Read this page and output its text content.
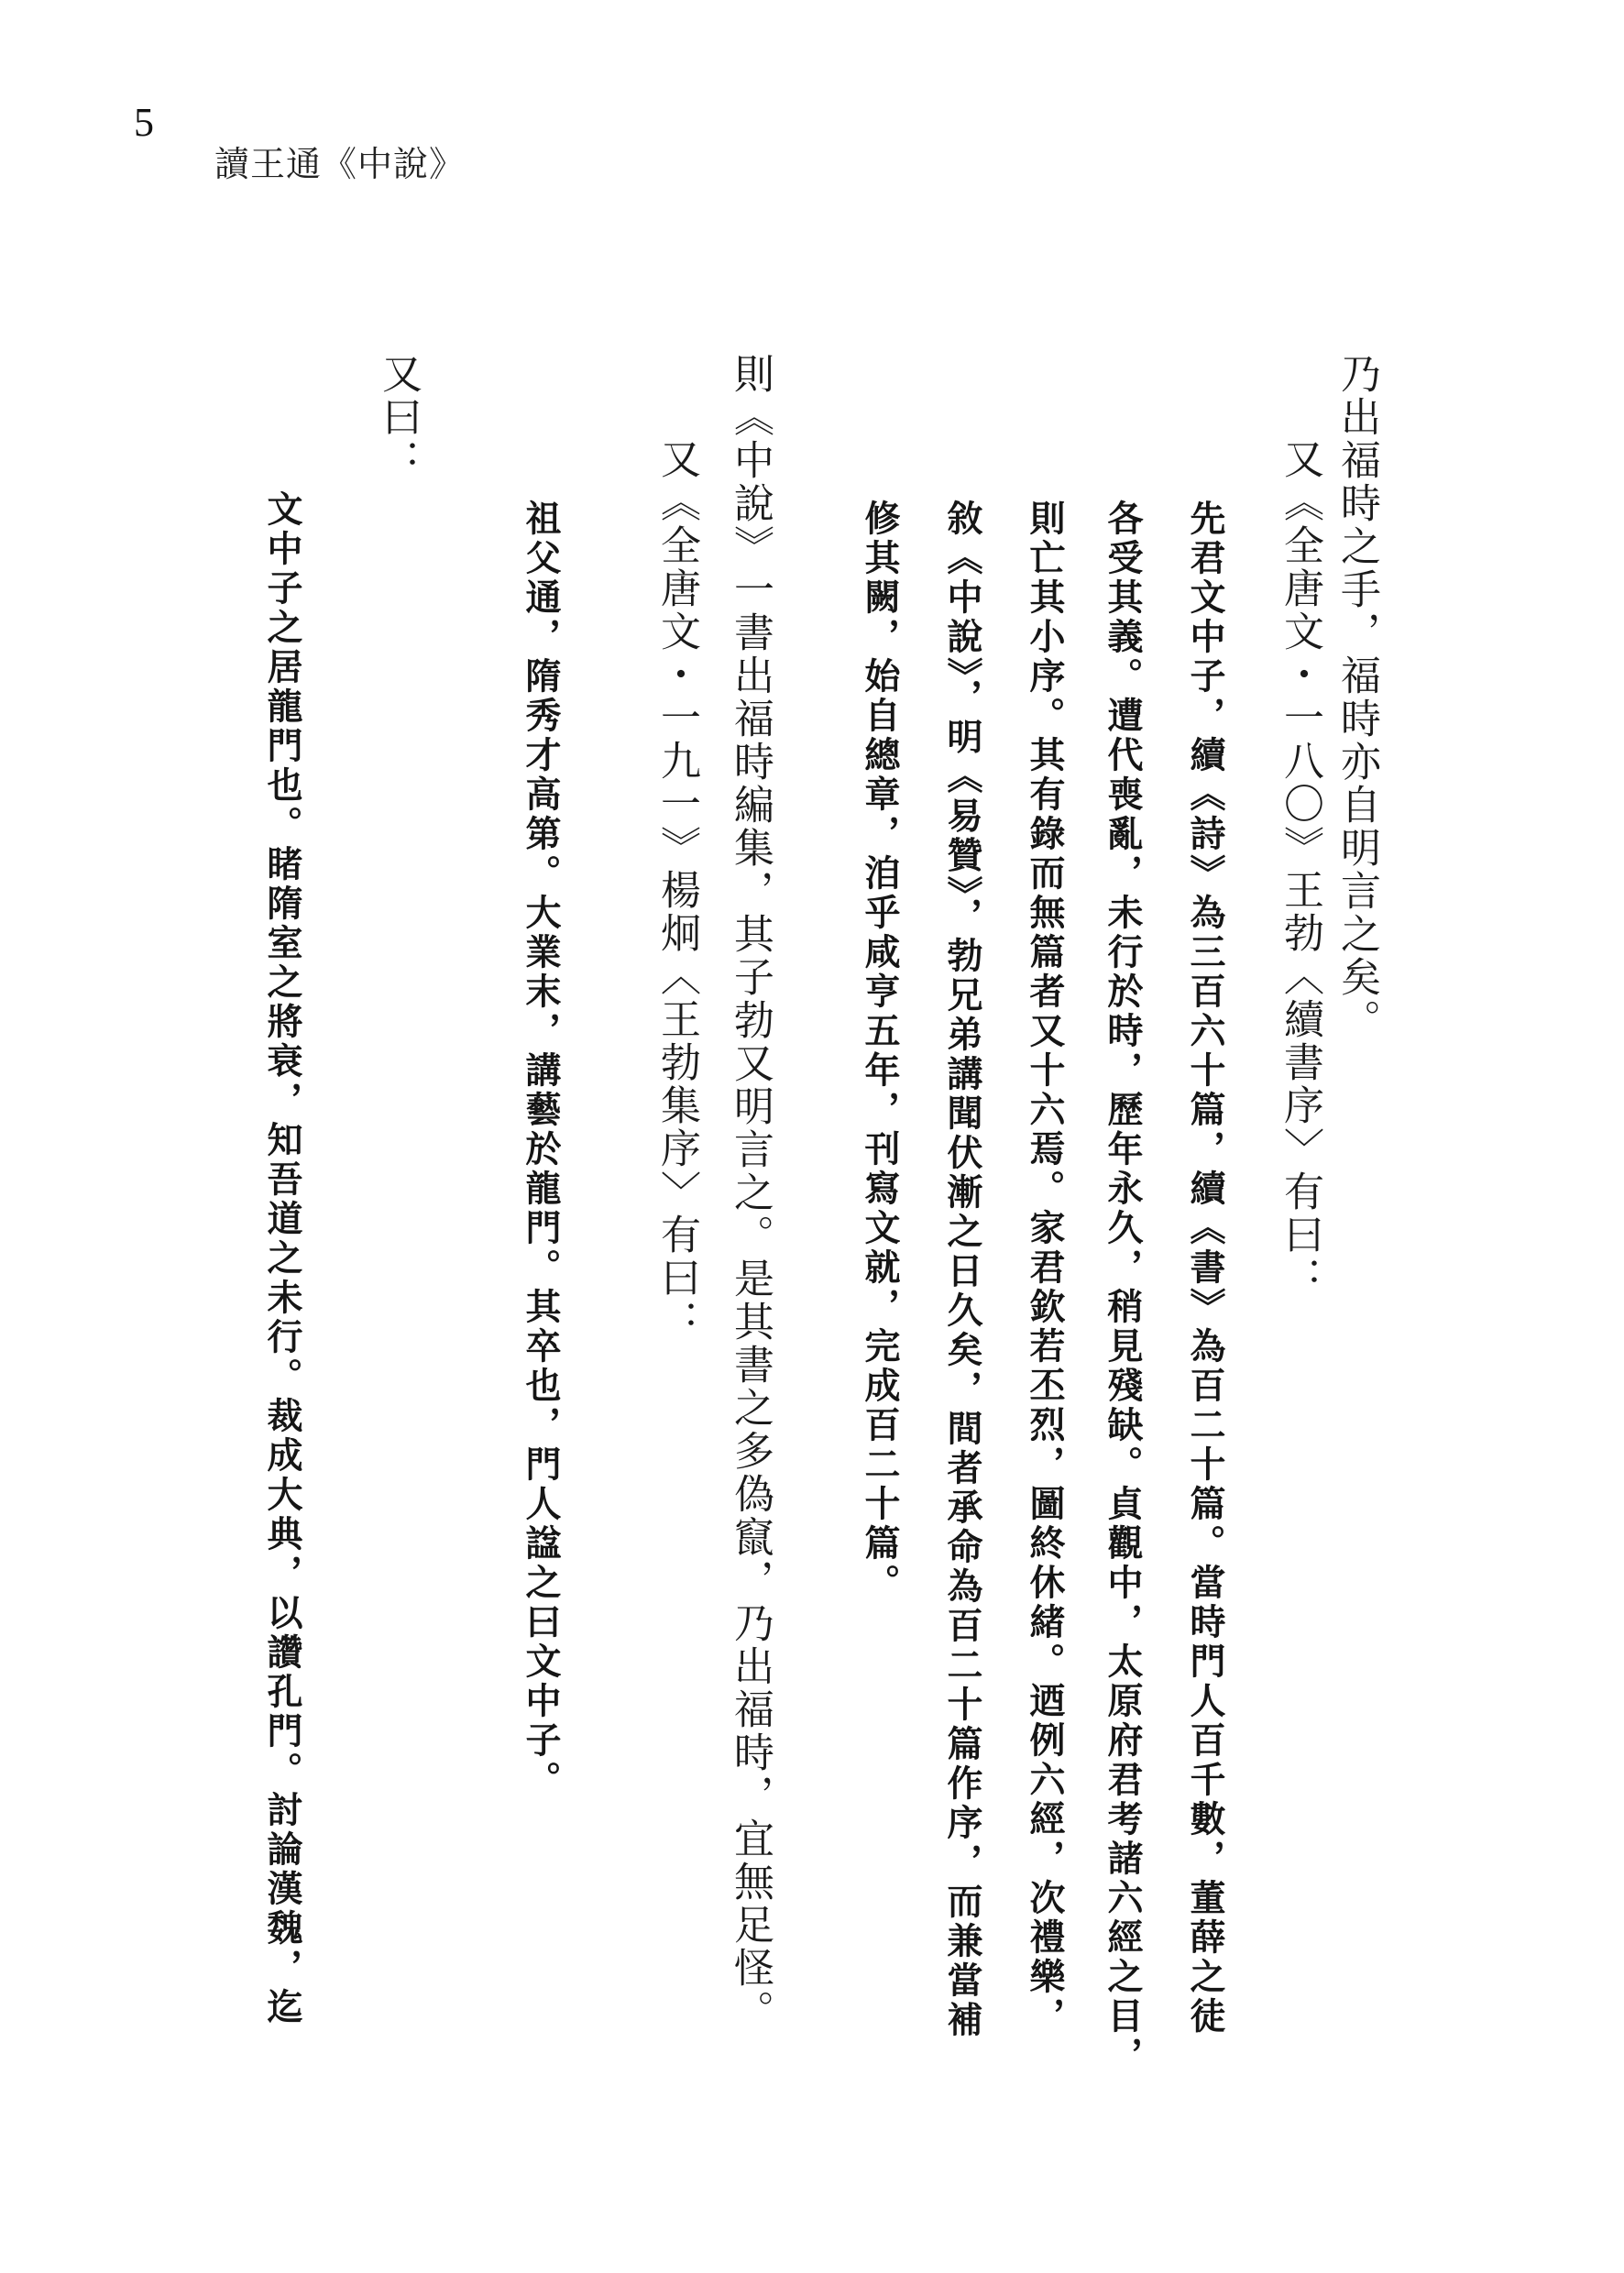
5
讀王通《中說》
乃出福時之手，福時亦自明言之矣。
又《全唐文・一八〇》王勃〈續書序〉有曰：
先君文中子，續《詩》為三百六十篇，續《書》為百二十篇。當時門人百千數，董薛之徒
各受其義。遭代喪亂，未行於時，歷年永久，稍見殘缺。貞觀中，太原府君考諸六經之目，
則亡其小序。其有錄而無篇者又十六焉。家君欽若丕烈，圖終休緒。迺例六經，次禮樂，
敘《中說》，明《易贊》，勃兄弟講聞伏漸之日久矣，間者承命為百二十篇作序，而兼當補
修其闕，始自總章，洎乎咸亨五年，刊寫文就，完成百二十篇。
則《中說》一書出福時編集，其子勃又明言之。是其書之多偽竄，乃出福時，宜無足怪。
又《全唐文・一九一》楊炯〈王勃集序〉有曰：
祖父通，隋秀才高第。大業末，講藝於龍門。其卒也，門人諡之曰文中子。
又曰：
文中子之居龍門也。睹隋室之將衰，知吾道之未行。裁成大典，以讚孔門。討論漢魏，迄
